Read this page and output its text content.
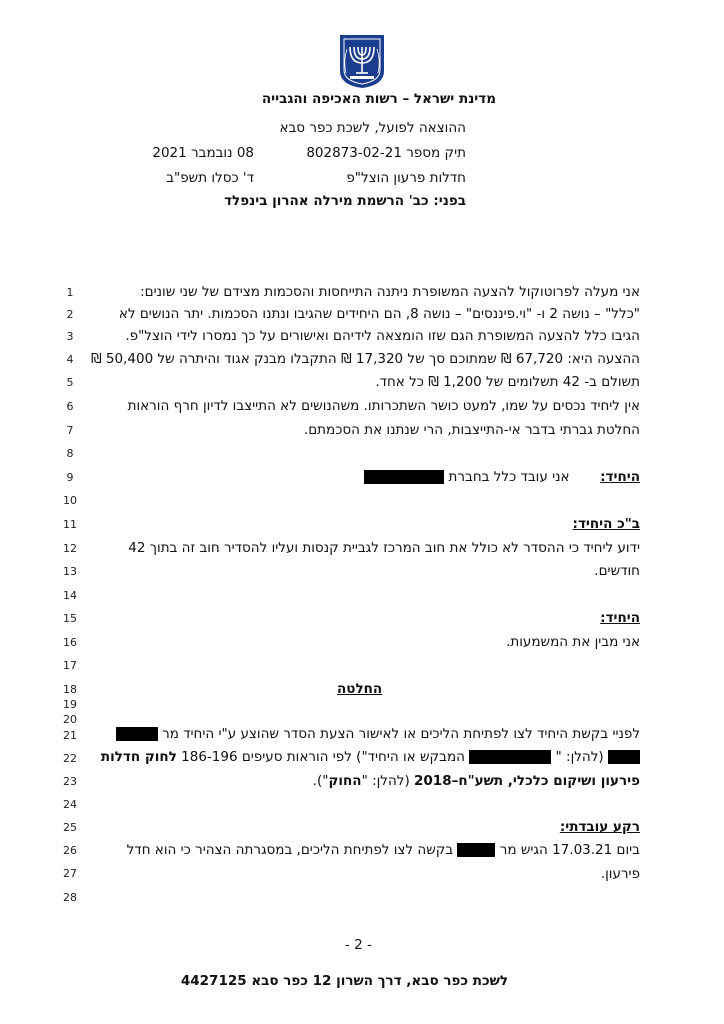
מדינת ישראל – רשות האכיפה והגבייה
ההוצאה לפועל, לשכת כפר סבא
תיק מספר 802873-02-21
08 נובמבר 2021
חדלות פרעון הוצל"פ
ד' כסלו תשפ"ב
בפני: כב' הרשמת מירלה אהרון בינפלד
1
2
3
4
5
6
7
8
9
10
11
12
13
14
15
16
17
18
19
20
21
22
23
24
25
26
27
28
אני מעלה לפרוטוקול להצעה המשופרת ניתנה התייחסות והסכמות מצידם של שני שונים:
"כלל" – נושה 2 ו- "וי.פיננסים" – נושה 8, הם היחידים שהגיבו ונתנו הסכמות. יתר הנושים לא
הגיבו כלל להצעה המשופרת הגם שזו הומצאה לידיהם ואישורים על כך נמסרו לידי הוצל"פ.
ההצעה היא: 67,720 ₪ שמתוכם סך של 17,320 ₪ התקבלו מבנק אגוד והיתרה של 50,400 ₪
תשולם ב- 42 תשלומים של 1,200 ₪ כל אחד.
אין ליחיד נכסים על שמו, למעט כושר השתכרותו. משהנושים לא התייצבו לדיון חרף הוראות
החלטת גברתי בדבר אי-התייצבות, הרי שנתנו את הסכמתם.
היחיד:  אני עובד כלל בחברת
ב"כ היחיד:
ידוע ליחיד כי ההסדר לא כולל את חוב המרכז לגביית קנסות ועליו להסדיר חוב זה בתוך 42
חודשים.
היחיד:
אני מבין את המשמעות.
החלטה
לפניי בקשת היחיד לצו לפתיחת הליכים או לאישור הצעת הסדר שהוצע ע"י היחיד מר
(להלן: "  המבקש או היחיד") לפי הוראות סעיפים 186-196 לחוק חדלות
פירעון ושיקום כלכלי, תשע"ח–2018 (להלן: "החוק").
רקע עובדתי:
ביום 17.03.21 הגיש מר  בקשה לצו לפתיחת הליכים, במסגרתה הצהיר כי הוא חדל
פירעון.
- 2 -
לשכת כפר סבא, דרך השרון 12 כפר סבא 4427125
